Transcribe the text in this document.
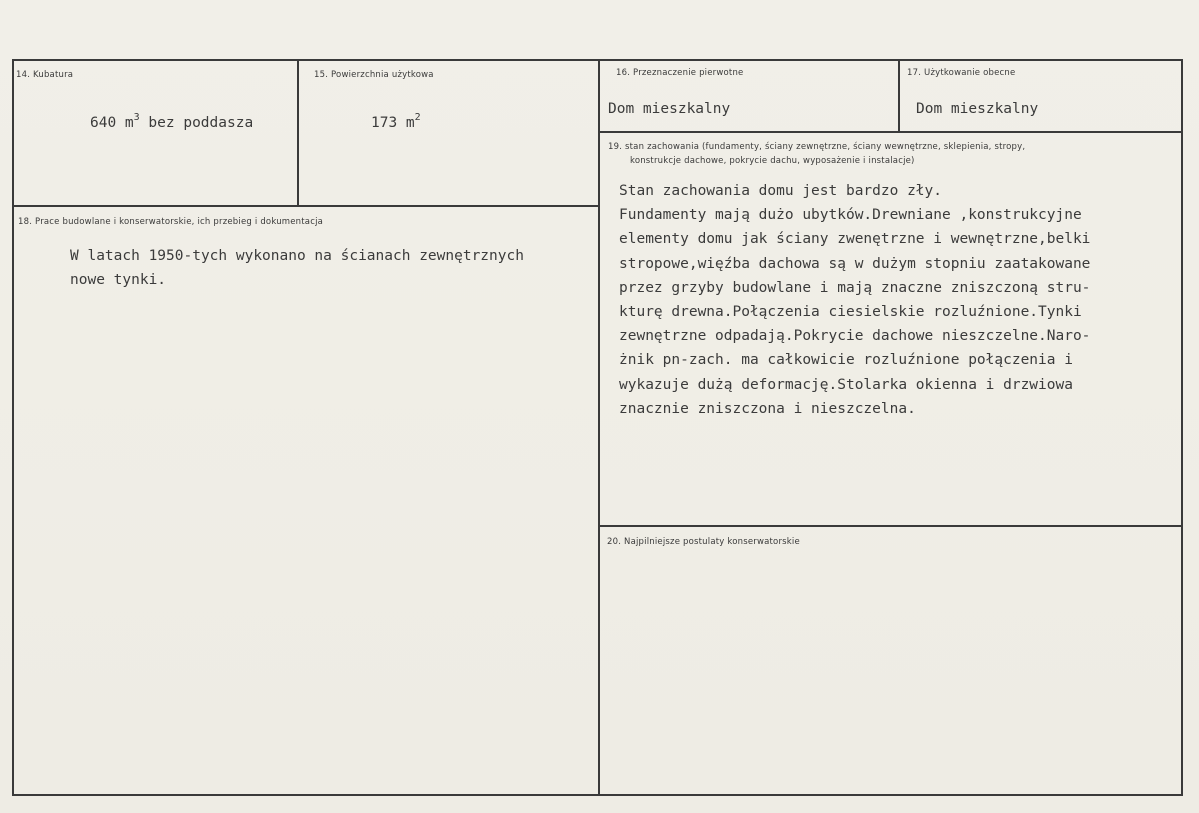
14. Kubatura
640 $m^3$ bez poddasza
15. Powierzchnia użytkowa
173 $m^2$
16. Przeznaczenie pierwotne
Dom mieszkalny
17. Użytkowanie obecne
Dom mieszkalny
18. Prace budowlane i konserwatorskie, ich przebieg i dokumentacja
W latach 1950-tych wykonano na ścianach zewnętrznych
nowe tynki.
19. stan zachowania (fundamenty, ściany zewnętrzne, ściany wewnętrzne, sklepienia, stropy,
konstrukcje dachowe, pokrycie dachu, wyposażenie i instalacje)
Stan zachowania domu jest bardzo zły.
Fundamenty mają dużo ubytków.Drewniane ,konstrukcyjne
elementy domu jak ściany zwenętrzne i wewnętrzne,belki
stropowe,więźba dachowa są w dużym stopniu zaatakowane
przez grzyby budowlane i mają znaczne zniszczoną stru-
kturę drewna.Połączenia ciesielskie rozluźnione.Tynki
zewnętrzne odpadają.Pokrycie dachowe nieszczelne.Naro-
żnik pn-zach. ma całkowicie rozluźnione połączenia i
wykazuje dużą deformację.Stolarka okienna i drzwiowa
znacznie zniszczona i nieszczelna.
20. Najpilniejsze postulaty konserwatorskie
